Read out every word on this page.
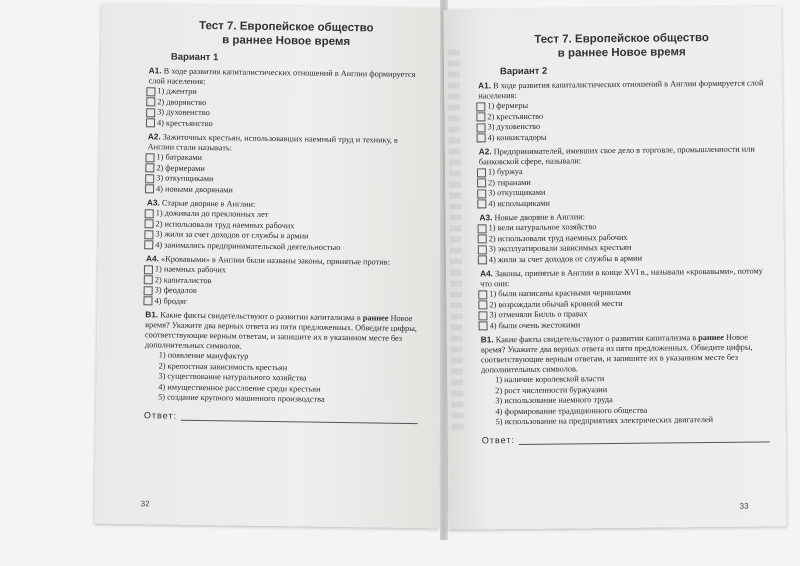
Тест 7. Европейское общество
в раннее Новое время
Вариант 1
А1. В ходе развития капиталистических отношений в Англии формируется слой населения:
1) джентри
2) дворянство
3) духовенство
4) крестьянство
А2. Зажиточных крестьян, использовавших наемный труд и технику, в Англии стали называть:
1) батраками
2) фермерами
3) откупщиками
4) новыми дворянами
А3. Старые дворяне в Англии:
1) доживали до преклонных лет
2) использовали труд наемных рабочих
3) жили за счет доходов от службы в армии
4) занимались предпринимательской деятельностью
А4. «Кровавыми» в Англии были названы законы, принятые против:
1) наемных рабочих
2) капиталистов
3) феодалов
4) бродяг
В1. Какие факты свидетельствуют о развитии капитализма в раннее Новое время? Укажите два верных ответа из пяти предложенных. Обведите цифры, соответствующие верным ответам, и запишите их в указанном месте без дополнительных символов.
1) появление мануфактур
2) крепостная зависимость крестьян
3) существование натурального хозяйства
4) имущественное расслоение среди крестьян
5) создание крупного машинного производства
Ответ:
32
Тест 7. Европейское общество
в раннее Новое время
Вариант 2
А1. В ходе развития капиталистических отношений в Англии формируется слой населения:
1) фермеры
2) крестьянство
3) духовенство
4) конкистадоры
А2. Предпринимателей, имевших свое дело в торговле, промышленности или банковской сфере, называли:
1) буржуа
2) тиранами
3) откупщиками
4) испольщиками
А3. Новые дворяне в Англии:
1) вели натуральное хозяйство
2) использовали труд наемных рабочих
3) эксплуатировали зависимых крестьян
4) жили за счет доходов от службы в армии
А4. Законы, принятые в Англии в конце XVI в., называли «кровавыми», потому что они:
1) были написаны красными чернилами
2) возрождали обычай кровной мести
3) отменяли Билль о правах
4) были очень жестокими
В1. Какие факты свидетельствуют о развитии капитализма в раннее Новое время? Укажите два верных ответа из пяти предложенных. Обведите цифры, соответствующие верным ответам, и запишите их в указанном месте без дополнительных символов.
1) наличие королевской власти
2) рост численности буржуазии
3) использование наемного труда
4) формирование традиционного общества
5) использование на предприятиях электрических двигателей
Ответ:
33
